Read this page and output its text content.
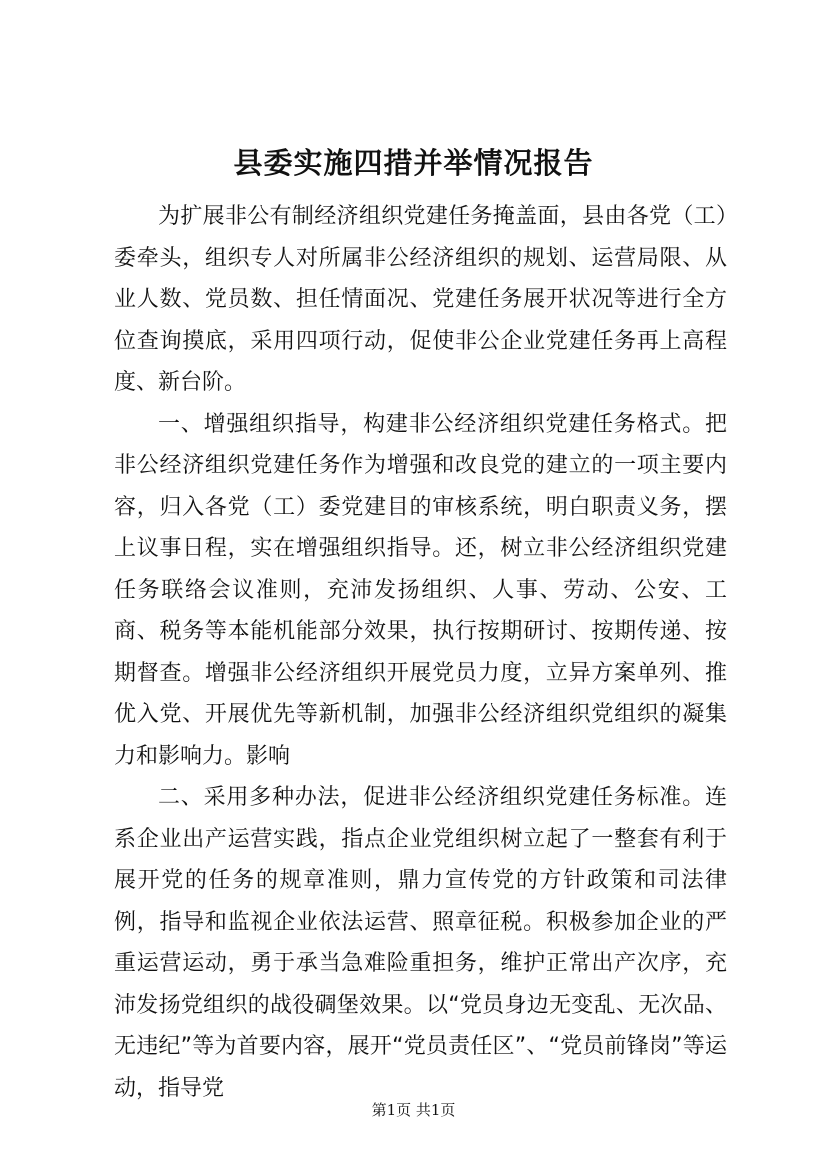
县委实施四措并举情况报告

为扩展非公有制经济组织党建任务掩盖面，县由各党（工）委牵头，组织专人对所属非公经济组织的规划、运营局限、从业人数、党员数、担任情面况、党建任务展开状况等进行全方位查询摸底，采用四项行动，促使非公企业党建任务再上高程度、新台阶。

一、增强组织指导，构建非公经济组织党建任务格式。把非公经济组织党建任务作为增强和改良党的建立的一项主要内容，归入各党（工）委党建目的审核系统，明白职责义务，摆上议事日程，实在增强组织指导。还，树立非公经济组织党建任务联络会议准则，充沛发扬组织、人事、劳动、公安、工商、税务等本能机能部分效果，执行按期研讨、按期传递、按期督查。增强非公经济组织开展党员力度，立异方案单列、推优入党、开展优先等新机制，加强非公经济组织党组织的凝集力和影响力。影响

二、采用多种办法，促进非公经济组织党建任务标准。连系企业出产运营实践，指点企业党组织树立起了一整套有利于展开党的任务的规章准则，鼎力宣传党的方针政策和司法律例，指导和监视企业依法运营、照章征税。积极参加企业的严重运营运动，勇于承当急难险重担务，维护正常出产次序，充沛发扬党组织的战役碉堡效果。以“党员身边无变乱、无次品、无违纪”等为首要内容，展开“党员责任区”、“党员前锋岗”等运动，指导党

第1页 共1页
